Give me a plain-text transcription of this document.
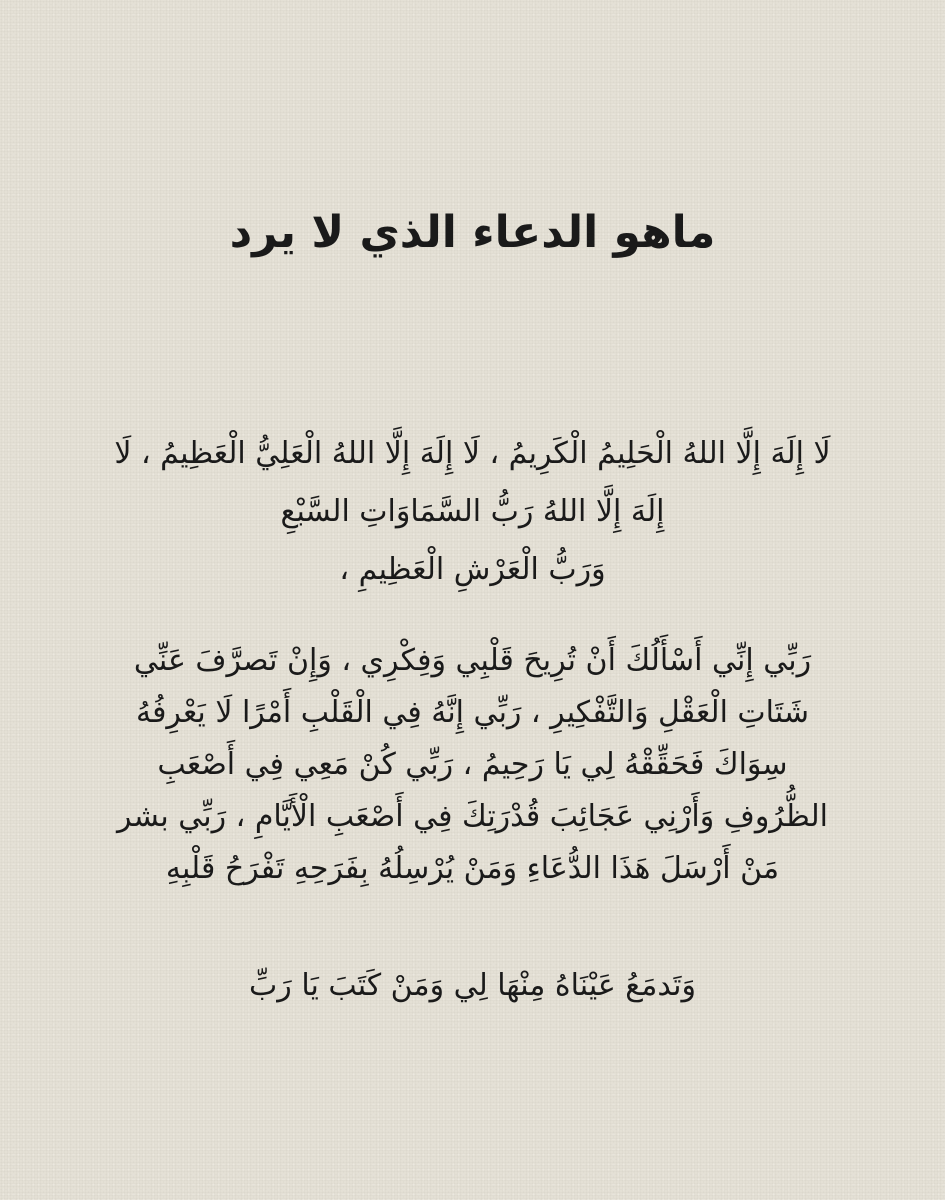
ماهو الدعاء الذي لا يرد
لَا إِلَهَ إِلَّا اللهُ الْحَلِيمُ الْكَرِيمُ ، لَا إِلَهَ إِلَّا اللهُ الْعَلِيُّ الْعَظِيمُ ، لَا
إِلَهَ إِلَّا اللهُ رَبُّ السَّمَاوَاتِ السَّبْعِ
وَرَبُّ الْعَرْشِ الْعَظِيمِ ،
رَبِّي إِنِّي أَسْأَلُكَ أَنْ تُرِيحَ قَلْبِي وَفِكْرِي ، وَإِنْ تَصرَّفَ عَنِّي
شَتَاتِ الْعَقْلِ وَالتَّفْكِيرِ ، رَبِّي إِنَّهُ فِي الْقَلْبِ أَمْرًا لَا يَعْرِفُهُ
سِوَاكَ فَحَقِّقْهُ لِي يَا رَحِيمُ ، رَبِّي كُنْ مَعِي فِي أَصْعَبِ
الظُّرُوفِ وَأَرْنِي عَجَائِبَ قُدْرَتِكَ فِي أَصْعَبِ الْأَيَّامِ ، رَبِّي بشر
مَنْ أَرْسَلَ هَذَا الدُّعَاءِ وَمَنْ يُرْسِلُهُ بِفَرَحِهِ تَفْرَحُ قَلْبِهِ
وَتَدمَعُ عَيْنَاهُ مِنْهَا لِي وَمَنْ كَتَبَ يَا رَبِّ
